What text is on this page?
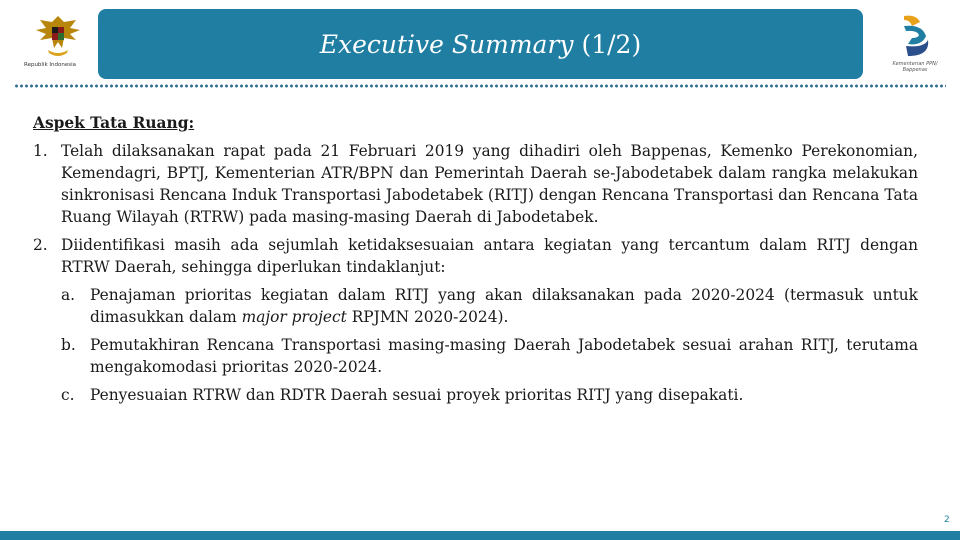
Republik Indonesia
Executive Summary (1/2)
Kementerian PPN/ Bappenas
Aspek Tata Ruang:
1. Telah dilaksanakan rapat pada 21 Februari 2019 yang dihadiri oleh Bappenas, Kemenko Perekonomian, Kemendagri, BPTJ, Kementerian ATR/BPN dan Pemerintah Daerah se-Jabodetabek dalam rangka melakukan sinkronisasi Rencana Induk Transportasi Jabodetabek (RITJ) dengan Rencana Transportasi dan Rencana Tata Ruang Wilayah (RTRW) pada masing-masing Daerah di Jabodetabek.
2. Diidentifikasi masih ada sejumlah ketidaksesuaian antara kegiatan yang tercantum dalam RITJ dengan RTRW Daerah, sehingga diperlukan tindaklanjut:
a. Penajaman prioritas kegiatan dalam RITJ yang akan dilaksanakan pada 2020-2024 (termasuk untuk dimasukkan dalam major project RPJMN 2020-2024).
b. Pemutakhiran Rencana Transportasi masing-masing Daerah Jabodetabek sesuai arahan RITJ, terutama mengakomodasi prioritas 2020-2024.
c.	Penyesuaian RTRW dan RDTR Daerah sesuai proyek prioritas RITJ yang disepakati.
2
